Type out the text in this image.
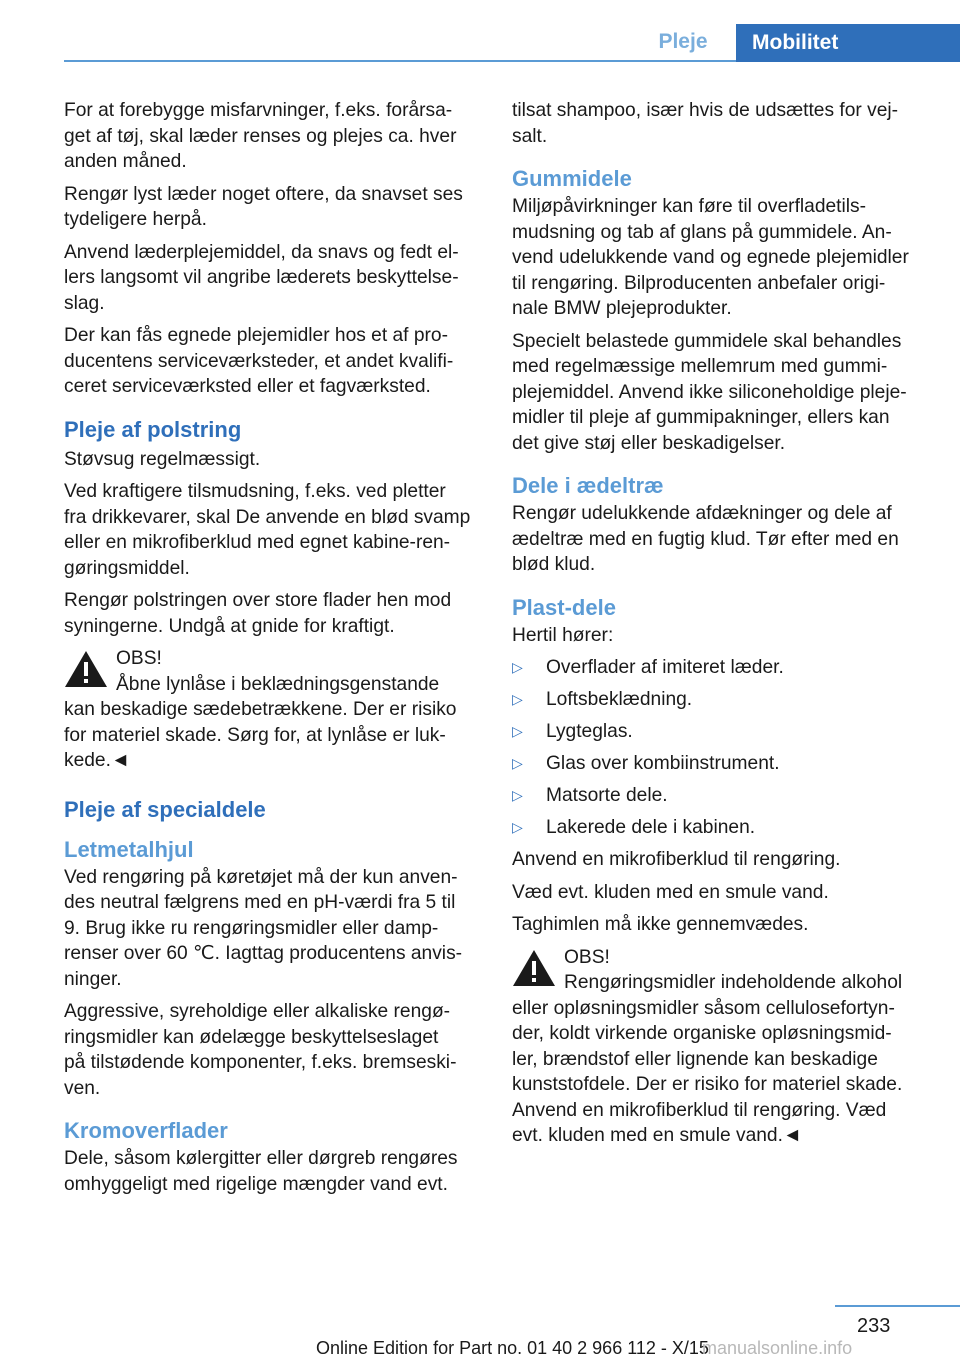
Pleje	Mobilitet

For at forebygge misfarvninger, f.eks. forårsa-
get af tøj, skal læder renses og plejes ca. hver
anden måned.

Rengør lyst læder noget oftere, da snavset ses
tydeligere herpå.

Anvend læderplejemiddel, da snavs og fedt el-
lers langsomt vil angribe læderets beskyttelse-
slag.

Der kan fås egnede plejemidler hos et af pro-
ducentens serviceværksteder, et andet kvalifi-
ceret serviceværksted eller et fagværksted.

Pleje af polstring

Støvsug regelmæssigt.

Ved kraftigere tilsmudsning, f.eks. ved pletter
fra drikkevarer, skal De anvende en blød svamp
eller en mikrofiberklud med egnet kabine-ren-
gøringsmiddel.

Rengør polstringen over store flader hen mod
syningerne. Undgå at gnide for kraftigt.

OBS!
Åbne lynlåse i beklædningsgenstande
kan beskadige sædebetrækkene. Der er risiko
for materiel skade. Sørg for, at lynlåse er luk-
kede.◄

Pleje af specialdele
Letmetalhjul

Ved rengøring på køretøjet må der kun anven-
des neutral fælgrens med en pH-værdi fra 5 til
9. Brug ikke ru rengøringsmidler eller damp-
renser over 60 ℃. Iagttag producentens anvis-
ninger.

Aggressive, syreholdige eller alkaliske rengø-
ringsmidler kan ødelægge beskyttelseslaget
på tilstødende komponenter, f.eks. bremseski-
ven.

Kromoverflader

Dele, såsom kølergitter eller dørgreb rengøres
omhyggeligt med rigelige mængder vand evt.

tilsat shampoo, især hvis de udsættes for vej-
salt.

Gummidele

Miljøpåvirkninger kan føre til overfladetils-
mudsning og tab af glans på gummidele. An-
vend udelukkende vand og egnede plejemidler
til rengøring. Bilproducenten anbefaler origi-
nale BMW plejeprodukter.

Specielt belastede gummidele skal behandles
med regelmæssige mellemrum med gummi-
plejemiddel. Anvend ikke siliconeholdige pleje-
midler til pleje af gummipakninger, ellers kan
det give støj eller beskadigelser.

Dele i ædeltræ

Rengør udelukkende afdækninger og dele af
ædeltræ med en fugtig klud. Tør efter med en
blød klud.

Plast-dele

Hertil hører:

▷	Overflader af imiteret læder.
▷	Loftsbeklædning.
▷	Lygteglas.
▷	Glas over kombiinstrument.
▷	Matsorte dele.
▷	Lakerede dele i kabinen.

Anvend en mikrofiberklud til rengøring.

Væd evt. kluden med en smule vand.

Taghimlen må ikke gennemvædes.

OBS!
Rengøringsmidler indeholdende alkohol
eller opløsningsmidler såsom cellulosefortyn-
der, koldt virkende organiske opløsningsmid-
ler, brændstof eller lignende kan beskadige
kunststofdele. Der er risiko for materiel skade.
Anvend en mikrofiberklud til rengøring. Væd
evt. kluden med en smule vand.◄

233
Online Edition for Part no. 01 40 2 966 112 - X/15
manualsonline.info
